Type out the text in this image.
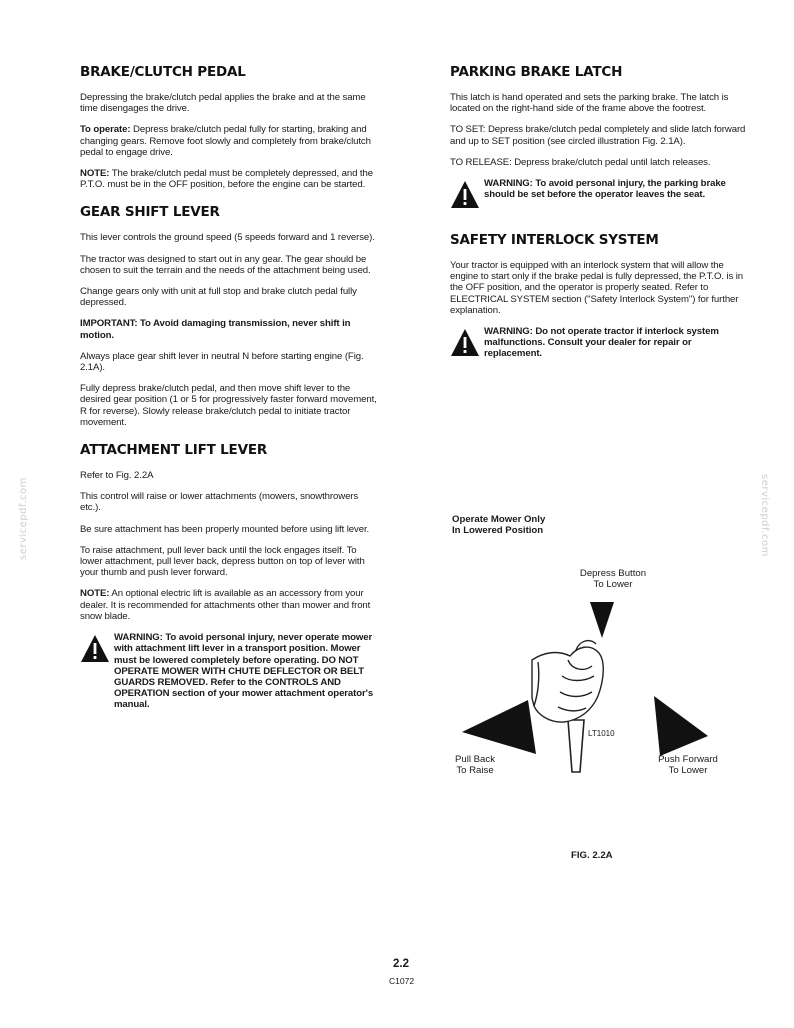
servicepdf.com	servicepdf.com
BRAKE/CLUTCH PEDAL

Depressing the brake/clutch pedal applies the brake and at the same time disengages the drive.

To operate: Depress brake/clutch pedal fully for starting, braking and changing gears. Remove foot slowly and completely from brake/clutch pedal to engage drive.

NOTE: The brake/clutch pedal must be completely depressed, and the P.T.O. must be in the OFF position, before the engine can be started.

GEAR SHIFT LEVER

This lever controls the ground speed (5 speeds forward and 1 reverse).

The tractor was designed to start out in any gear. The gear should be chosen to suit the terrain and the needs of the attachment being used.

Change gears only with unit at full stop and brake clutch pedal fully depressed.

IMPORTANT: To Avoid damaging transmission, never shift in motion.

Always place gear shift lever in neutral N before starting engine (Fig. 2.1A).

Fully depress brake/clutch pedal, and then move shift lever to the desired gear position (1 or 5 for progressively faster forward movement, R for reverse). Slowly release brake/clutch pedal to initiate tractor movement.

ATTACHMENT LIFT LEVER

Refer to Fig. 2.2A

This control will raise or lower attachments (mowers, snowthrowers etc.).

Be sure attachment has been properly mounted before using lift lever.

To raise attachment, pull lever back until the lock engages itself. To lower attachment, pull lever back, depress button on top of lever with your thumb and push lever forward.

NOTE: An optional electric lift is available as an accessory from your dealer. It is recommended for attachments other than mower and front snow blade.

WARNING: To avoid personal injury, never operate mower with attachment lift lever in a transport position. Mower must be lowered completely before operating. DO NOT OPERATE MOWER WITH CHUTE DEFLECTOR OR BELT GUARDS REMOVED. Refer to the CONTROLS AND OPERATION section of your mower attachment operator's manual.

PARKING BRAKE LATCH

This latch is hand operated and sets the parking brake. The latch is located on the right-hand side of the frame above the footrest.

TO SET: Depress brake/clutch pedal completely and slide latch forward and up to SET position (see circled illustration Fig. 2.1A).

TO RELEASE: Depress brake/clutch pedal until latch releases.

WARNING: To avoid personal injury, the parking brake should be set before the operator leaves the seat.

SAFETY INTERLOCK SYSTEM

Your tractor is equipped with an interlock system that will allow the engine to start only if the brake pedal is fully depressed, the P.T.O. is in the OFF position, and the operator is properly seated. Refer to ELECTRICAL SYSTEM section ("Safety Interlock System") for further explanation.

WARNING: Do not operate tractor if interlock system malfunctions. Consult your dealer for repair or replacement.

Operate Mower Only
In Lowered Position
Depress Button
To Lower
Pull Back
To Raise
Push Forward
To Lower
LT1010
FIG. 2.2A
2.2
C1072
